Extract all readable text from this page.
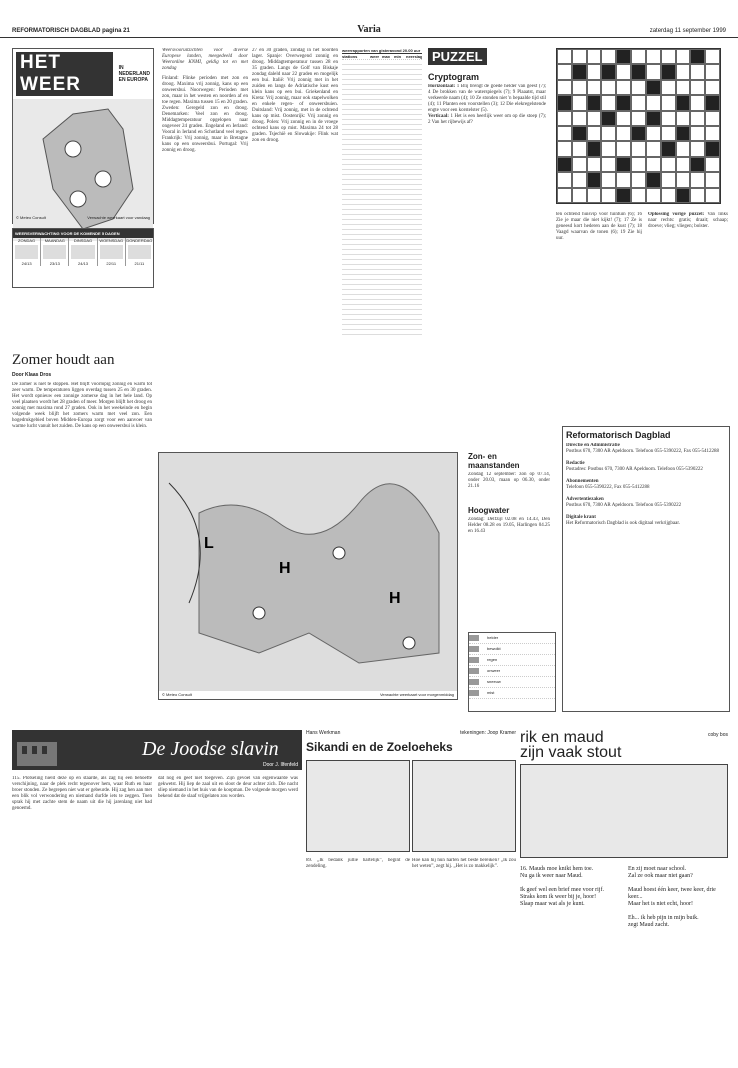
REFORMATORISCH DAGBLAD pagina 21	Varia	zaterdag 11 september 1999
HET WEER
IN NEDERLAND
EN EUROPA
© Meteo Consult	Verwachte weerkaart voor vandaag
WEERSVERWACHTING VOOR DE KOMENDE 5 DAGEN
ZONDAG
24/13
MAANDAG
23/13
DINSDAG
24/13
WOENSDAG
22/11
DONDERDAG
21/11
Weersvooruitzichten voor diverse Europese landen, meegedeeld door Weeronline KNMI, geldig tot en met zondag
Finland: Flinke perioden met zon en droog. Maxima vrij zonnig, kans op een onweersbui. Noorwegen: Perioden met zon, maar in het westen en noorden af en toe regen. Maxima tussen 15 en 20 graden. Zweden: Geregeld zon en droog. Denemarken: Veel zon en droog. Middagtemperatuur opgelopen naar ongeveer 24 graden. Engeland en Ierland: Vooral in Ierland en Schotland veel regen. Frankrijk: Vrij zonnig, maar in Bretagne kans op een onweersbui. Portugal: Vrij zonnig en droog.
27 en 30 graden, zondag in het noorden lager. Spanje: Overwegend zonnig en droog. Middagtemperatuur tussen 28 en 35 graden. Langs de Golf van Biskaje zondag daleld naar 22 graden en mogelijk een bui. Italië: Vrij zonnig met in het zuiden en langs de Adriatische kust een klein kans op een bui. Griekenland en Kreta: Vrij zonnig, maar ook stapelwolken en enkele regen- of onweersbuien. Duitsland: Vrij zonnig, met in de ochtend kans op mist. Oostenrijk: Vrij zonnig en droog. Polen: Vrij zonnig en in de vroege ochtend kans op mist. Maxima 24 tot 28 graden. Tsjechië en Slowakije: Flink wat zon en droog.
weerrapporten van gisteravond 20.00 uur
stations	weer max min	neerslag PUZZEL
Cryptogram
Horizontaal: 1 Blij brengt de goede helder van geest (7); 4 De brokken van de waterspiegels (7); 9 Plaaatst, maar verkeerde naam (4); 10 Ze stonden niet 'n bepaalde tijd stil (4); 11 Planten een voorstellen (3); 12 Die elekregelstende engte voor een korstelster (5).
Verticaal: 1 Het is een heerlijk weer om op die stoep (7); 2 Van het rijbewijs af?
ten ochtend huisvip voor tuintuin (6); 16 Zie je maar die niet kijkt! (7); 17 Ze is geneesd kort hederen aan de kust (7); 18 Vaagd waarvan de tonen (6); 19 Zie hij uur.
Oplossing vorige puzzel: Van links naar rechts: gratis; draait; schaap; droeve; vlieg; vliegen; bolster.
Zomer houdt aan
Door Klaas Dros
De zomer is niet te stoppen. Het blijft voorlopig zonnig en warm tot zeer warm. De temperaturen liggen overdag tussen 25 en 30 graden. Het wordt opnieuw een zonnige zomerse dag in het hele land. Op veel plaatsen wordt het 28 graden of meer. Morgen blijft het droog en zonnig met maxima rond 27 graden. Ook in het weekeinde en begin volgende week blijft het zomers warm met veel zon. Een hogedrukgebied boven Midden-Europa zorgt voor een aanvoer van warme lucht vanuit het zuiden. De kans op een onweersbui is klein.
L
H
H
© Meteo Consult	Verwachte weerkaart voor morgenmiddag
Zon- en maanstanden
Zondag 12 september: zon op 07.14, onder 20.03, maan op 06.30, onder 21.16
Hoogwater
Zondag: Delfzijl 02.08 en 14.43, Den Helder 08.28 en 19.05, Harlingen 04.25 en 16.43
helder
bewolkt
regen
onweer
sneeuw
mist
Reformatorisch Dagblad
Directie en Administratie
Postbus 670, 7300 AR Apeldoorn. Telefoon 055-5390222, Fax 055-5412288

Redactie
Postadres: Postbus 670, 7300 AR Apeldoorn. Telefoon 055-5390222

Abonnementen
Telefoon 055-5390222, Fax 055-5412288

Advertentiezaken
Postbus 670, 7300 AR Apeldoorn. Telefoon 055-5390222

Digitale krant
Het Reformatorisch Dagblad is ook digitaal verkrijgbaar.
De Joodse slavin
Door J. Ilfenfeld
115. Plotseling hield deze op en staarde, als zag hij een behoefte verschijning, naar de plek recht tegenover hem, waar Ruth en haar broer stonden. Ze begrepen niet wat er gebeurde. Hij zag hen aan met een blik vol verwondering en niemand durfde iets te zeggen. Toen sprak hij met zachte stem de naam uit die hij jarenlang niet had genoemd.
dat nog en geef niet toegeven. Zijn gevoel van eigenwaarde was gekwetst. Hij liep de zaal uit en sloot de deur achter zich. Die nacht sliep niemand in het huis van de koopman. De volgende morgen werd bekend dat de slaaf vrijgelaten zou worden.
Hans Werkman	tekeningen: Joop Kramer
Sikandi en de Zoeloeheks
89. „Ik bedank jullie hartelijk”, begint de zendeling.
Hoe kan hij hun harten het beste bereiken? „Ik zou het weten”, zegt hij. „Het is zo makkelijk”.
rik en maud
zijn vaak stout
coby bos
16. Mauds moe knikt hem toe.
Nu ga ik weer naar Maud.

Ik geef wel een brief mee voor rijf.
Straks kom ik weer bij je, hoor!
Slaap maar wat als je kunt.
En zij moet naar school.
Zal ze ook maar niet gaan?

Maud hoest één keer, twee keer, drie keer...
Maar het is niet echt, hoor!

Eh... ik heb pijn in mijn buik.
zegt Maud zacht.
